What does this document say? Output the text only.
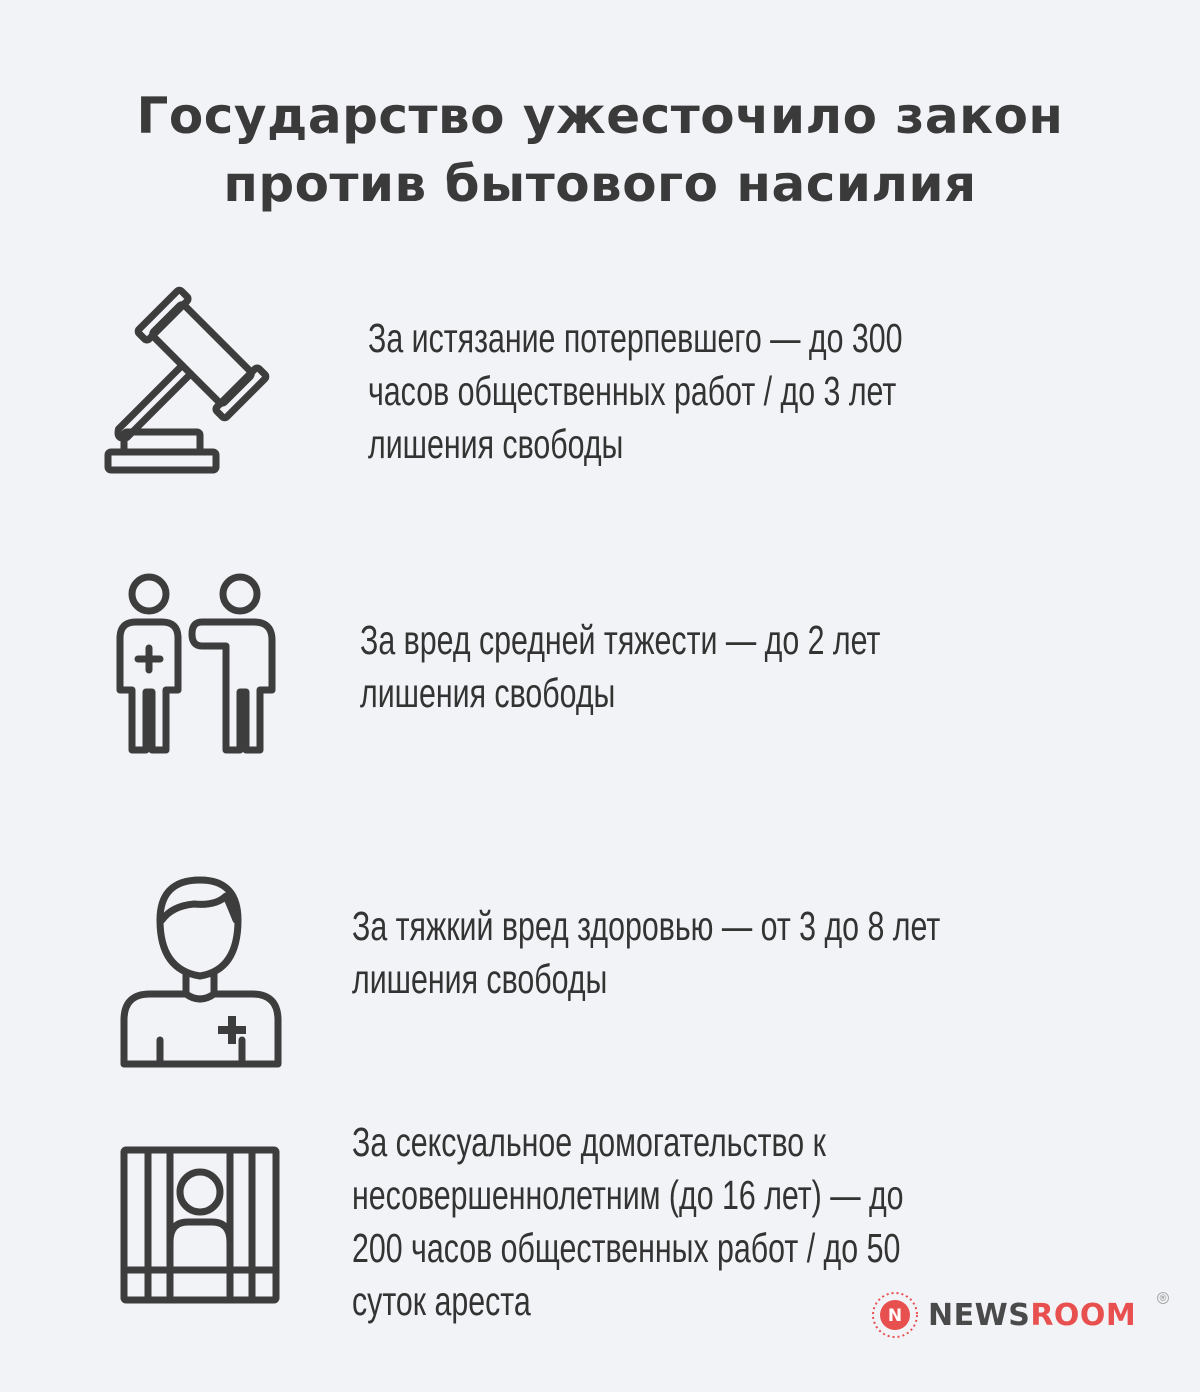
Государство ужесточило закон
против бытового насилия
За истязание потерпевшего — до 300
часов общественных работ / до 3 лет
лишения свободы
За вред средней тяжести — до 2 лет
лишения свободы
За тяжкий вред здоровью — от 3 до 8 лет
лишения свободы
За сексуальное домогательство к
несовершеннолетним (до 16 лет) — до
200 часов общественных работ / до 50
суток ареста	N NEWSROOM	®
